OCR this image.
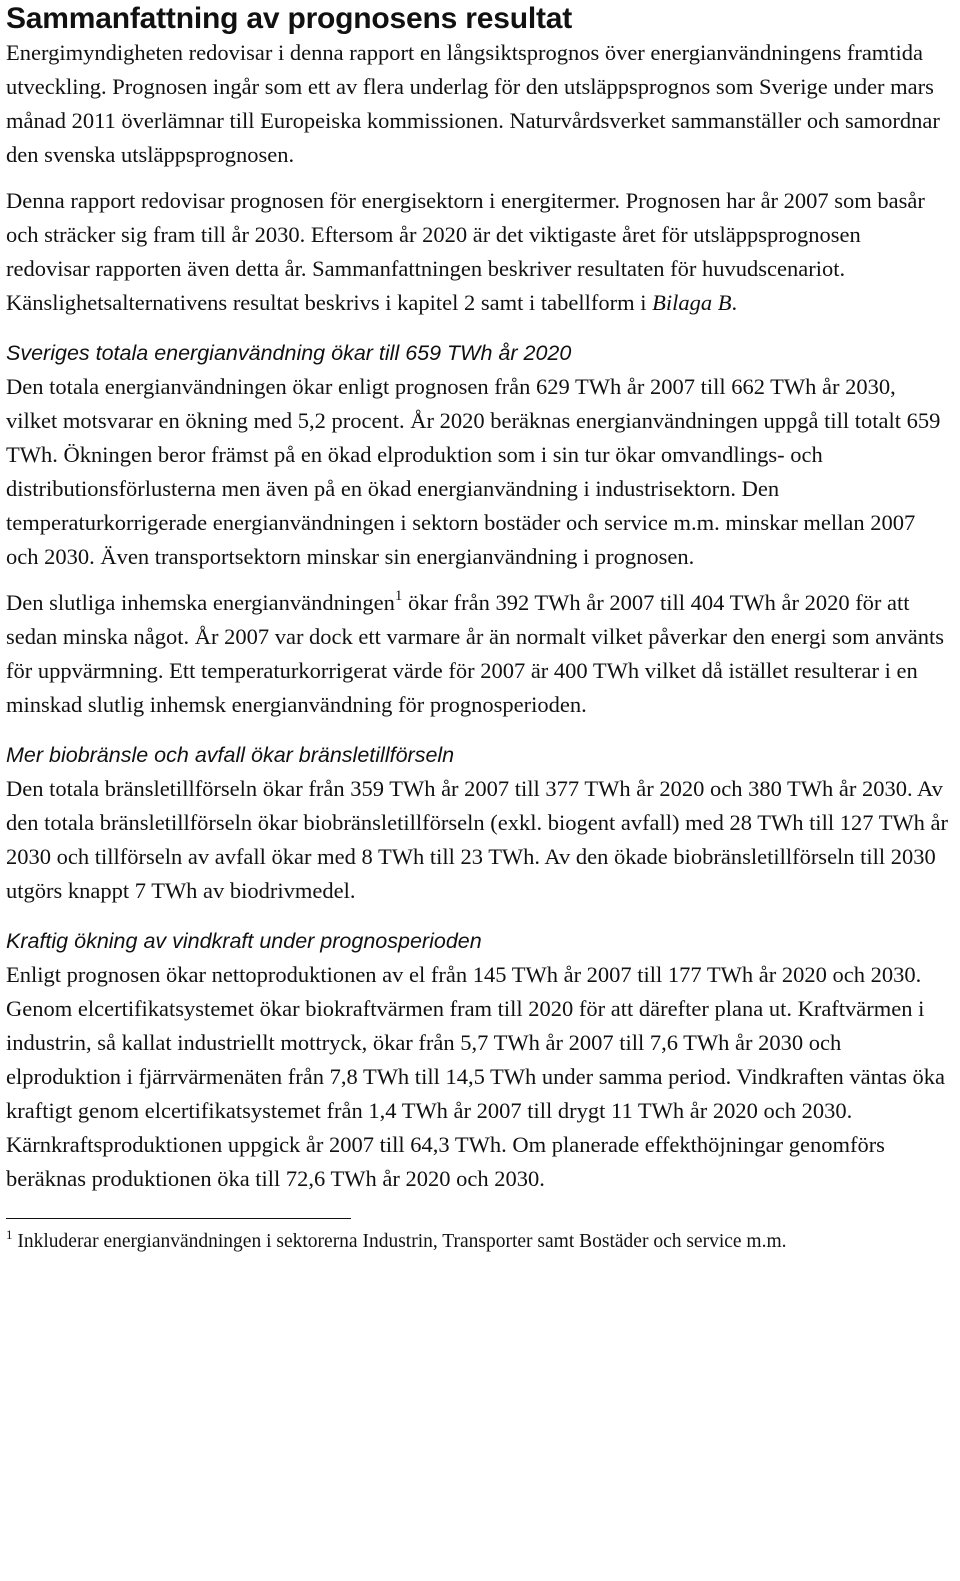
Sammanfattning av prognosens resultat

Energimyndigheten redovisar i denna rapport en långsiktsprognos över energianvändningens framtida utveckling. Prognosen ingår som ett av flera underlag för den utsläppsprognos som Sverige under mars månad 2011 överlämnar till Europeiska kommissionen. Naturvårdsverket sammanställer och samordnar den svenska utsläppsprognosen.

Denna rapport redovisar prognosen för energisektorn i energitermer. Prognosen har år 2007 som basår och sträcker sig fram till år 2030. Eftersom år 2020 är det viktigaste året för utsläppsprognosen redovisar rapporten även detta år. Sammanfattningen beskriver resultaten för huvudscenariot. Känslighetsalternativens resultat beskrivs i kapitel 2 samt i tabellform i Bilaga B.

Sveriges totala energianvändning ökar till 659 TWh år 2020

Den totala energianvändningen ökar enligt prognosen från 629 TWh år 2007 till 662 TWh år 2030, vilket motsvarar en ökning med 5,2 procent. År 2020 beräknas energianvändningen uppgå till totalt 659 TWh. Ökningen beror främst på en ökad elproduktion som i sin tur ökar omvandlings- och distributionsförlusterna men även på en ökad energianvändning i industrisektorn. Den temperaturkorrigerade energianvändningen i sektorn bostäder och service m.m. minskar mellan 2007 och 2030. Även transportsektorn minskar sin energianvändning i prognosen.

Den slutliga inhemska energianvändningen$^1$ ökar från 392 TWh år 2007 till 404 TWh år 2020 för att sedan minska något. År 2007 var dock ett varmare år än normalt vilket påverkar den energi som använts för uppvärmning. Ett temperaturkorrigerat värde för 2007 är 400 TWh vilket då istället resulterar i en minskad slutlig inhemsk energianvändning för prognosperioden.

Mer biobränsle och avfall ökar bränsletillförseln

Den totala bränsletillförseln ökar från 359 TWh år 2007 till 377 TWh år 2020 och 380 TWh år 2030. Av den totala bränsletillförseln ökar biobränsletillförseln (exkl. biogent avfall) med 28 TWh till 127 TWh år 2030 och tillförseln av avfall ökar med 8 TWh till 23 TWh. Av den ökade biobränsletillförseln till 2030 utgörs knappt 7 TWh av biodrivmedel.

Kraftig ökning av vindkraft under prognosperioden

Enligt prognosen ökar nettoproduktionen av el från 145 TWh år 2007 till 177 TWh år 2020 och 2030. Genom elcertifikatsystemet ökar biokraftvärmen fram till 2020 för att därefter plana ut. Kraftvärmen i industrin, så kallat industriellt mottryck, ökar från 5,7 TWh år 2007 till 7,6 TWh år 2030 och elproduktion i fjärrvärmenäten från 7,8 TWh till 14,5 TWh under samma period. Vindkraften väntas öka kraftigt genom elcertifikatsystemet från 1,4 TWh år 2007 till drygt 11 TWh år 2020 och 2030. Kärnkraftsproduktionen uppgick år 2007 till 64,3 TWh. Om planerade effekthöjningar genomförs beräknas produktionen öka till 72,6 TWh år 2020 och 2030.

$^1$ Inkluderar energianvändningen i sektorerna Industrin, Transporter samt Bostäder och service m.m.
